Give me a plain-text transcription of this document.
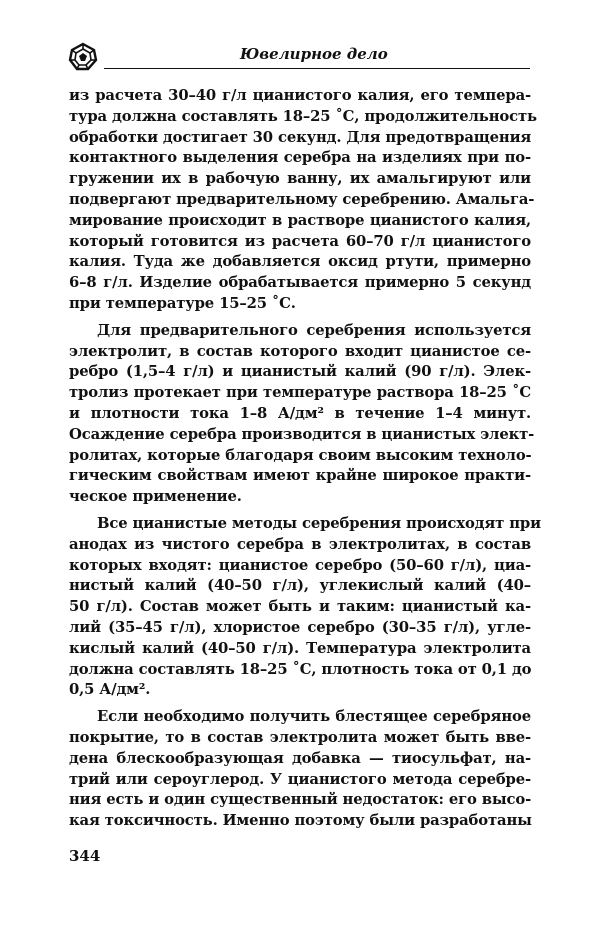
Ювелирное дело
из расчета 30–40 г/л цианистого калия, его темпера-
тура должна составлять 18–25 ˚С, продолжительность
обработки достигает 30 секунд. Для предотвращения
контактного выделения серебра на изделиях при по-
гружении их в рабочую ванну, их амальгируют или
подвергают предварительному серебрению. Амальга-
мирование происходит в растворе цианистого калия,
который готовится из расчета 60–70 г/л цианистого
калия. Туда же добавляется оксид ртути, примерно
6–8 г/л. Изделие обрабатывается примерно 5 секунд
при температуре 15–25 ˚С.
Для предварительного серебрения используется
электролит, в состав которого входит цианистое се-
ребро (1,5–4 г/л) и цианистый калий (90 г/л). Элек-
тролиз протекает при температуре раствора 18–25 ˚С
и плотности тока 1–8 А/дм² в течение 1–4 минут.
Осаждение серебра производится в цианистых элект-
ролитах, которые благодаря своим высоким техноло-
гическим свойствам имеют крайне широкое практи-
ческое применение.
Все цианистые методы серебрения происходят при
анодах из чистого серебра в электролитах, в состав
которых входят: цианистое серебро (50–60 г/л), циа-
нистый калий (40–50 г/л), углекислый калий (40–
50 г/л). Состав может быть и таким: цианистый ка-
лий (35–45 г/л), хлористое серебро (30–35 г/л), угле-
кислый калий (40–50 г/л). Температура электролита
должна составлять 18–25 ˚С, плотность тока от 0,1 до
0,5 А/дм².
Если необходимо получить блестящее серебряное
покрытие, то в состав электролита может быть вве-
дена блескообразующая добавка — тиосульфат, на-
трий или сероуглерод. У цианистого метода серебре-
ния есть и один существенный недостаток: его высо-
кая токсичность. Именно поэтому были разработаны
344
